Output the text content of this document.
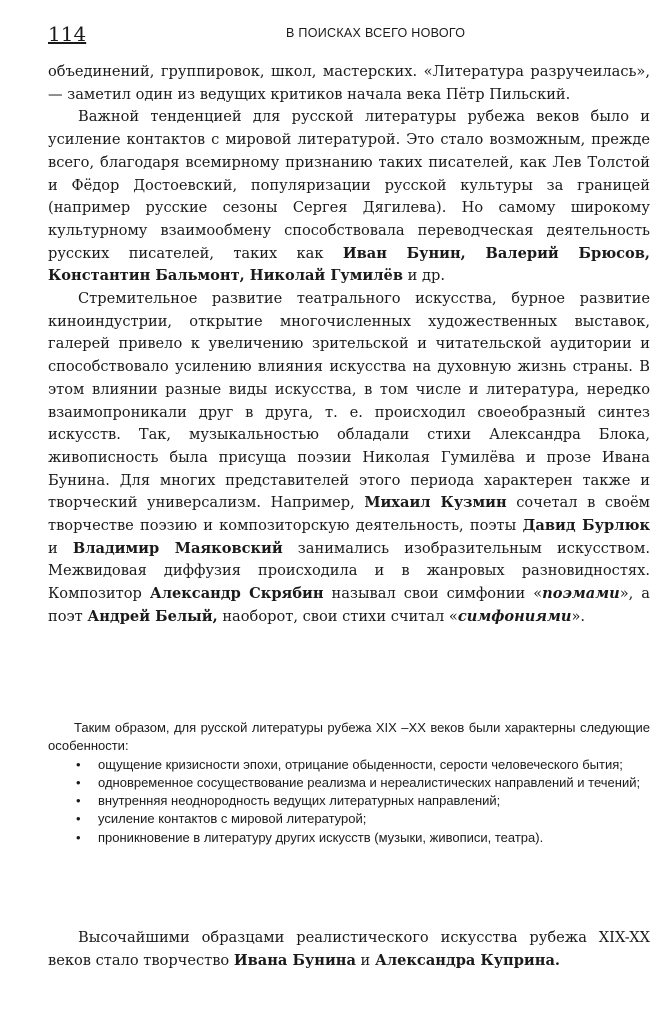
114	В ПОИСКАХ ВСЕГО НОВОГО

объединений, группировок, школ, мастерских. «Литература разручеилась», — заметил один из ведущих критиков начала века Пётр Пильский.

Важной тенденцией для русской литературы рубежа веков было и усиление контактов с мировой литературой. Это стало возможным, прежде всего, благодаря всемирному признанию таких писателей, как Лев Толстой и Фёдор Достоевский, популяризации русской культуры за границей (например русские сезоны Сергея Дягилева). Но самому широкому культурному взаимообмену способствовала переводческая деятельность русских писателей, таких как Иван Бунин, Валерий Брюсов, Константин Бальмонт, Николай Гумилёв и др.

Стремительное развитие театрального искусства, бурное развитие киноиндустрии, открытие многочисленных художественных выставок, галерей привело к увеличению зрительской и читательской аудитории и способствовало усилению влияния искусства на духовную жизнь страны. В этом влиянии разные виды искусства, в том числе и литература, нередко взаимопроникали друг в друга, т. е. происходил своеобразный синтез искусств. Так, музыкальностью обладали стихи Александра Блока, живописность была присуща поэзии Николая Гумилёва и прозе Ивана Бунина. Для многих представителей этого периода характерен также и творческий универсализм. Например, Михаил Кузмин сочетал в своём творчестве поэзию и композиторскую деятельность, поэты Давид Бурлюк и Владимир Маяковский занимались изобразительным искусством. Межвидовая диффузия происходила и в жанровых разновидностях. Композитор Александр Скрябин называл свои симфонии «поэмами», а поэт Андрей Белый, наоборот, свои стихи считал «симфониями».

Таким образом, для русской литературы рубежа XIX –XX веков были характерны следующие особенности:

• ощущение кризисности эпохи, отрицание обыденности, серости человеческого бытия;
• одновременное сосуществование реализма и нереалистических направлений и течений;
• внутренняя неоднородность ведущих литературных направлений;
• усиление контактов с мировой литературой;
• проникновение в литературу других искусств (музыки, живописи, театра).

Высочайшими образцами реалистического искусства рубежа XIX-XX веков стало творчество Ивана Бунина и Александра Куприна.
